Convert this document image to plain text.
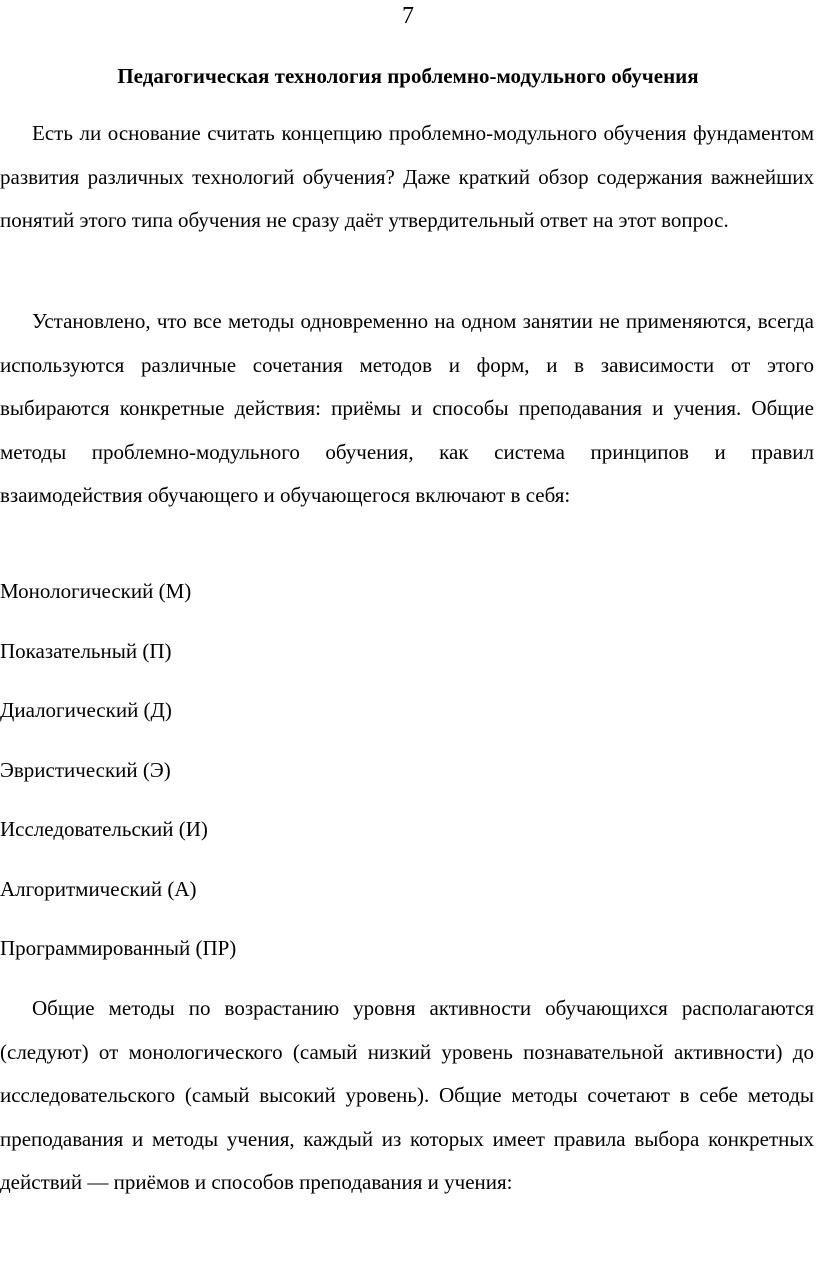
7
Педагогическая технология проблемно-модульного обучения

Есть ли основание считать концепцию проблемно-модульного обучения фундаментом развития различных технологий обучения? Даже краткий обзор содержания важнейших понятий этого типа обучения не сразу даёт утвердительный ответ на этот вопрос.

Установлено, что все методы одновременно на одном занятии не применяются, всегда используются различные сочетания методов и форм, и в зависимости от этого выбираются конкретные действия: приёмы и способы преподавания и учения. Общие методы проблемно-модульного обучения, как система принципов и правил взаимодействия обучающего и обучающегося включают в себя:

Монологический (М)
Показательный (П)
Диалогический (Д)
Эвристический (Э)
Исследовательский (И)
Алгоритмический (А)
Программированный (ПР)

Общие методы по возрастанию уровня активности обучающихся располагаются (следуют) от монологического (самый низкий уровень познавательной активности) до исследовательского (самый высокий уровень). Общие методы сочетают в себе методы преподавания и методы учения, каждый из которых имеет правила выбора конкретных действий — приёмов и способов преподавания и учения:
